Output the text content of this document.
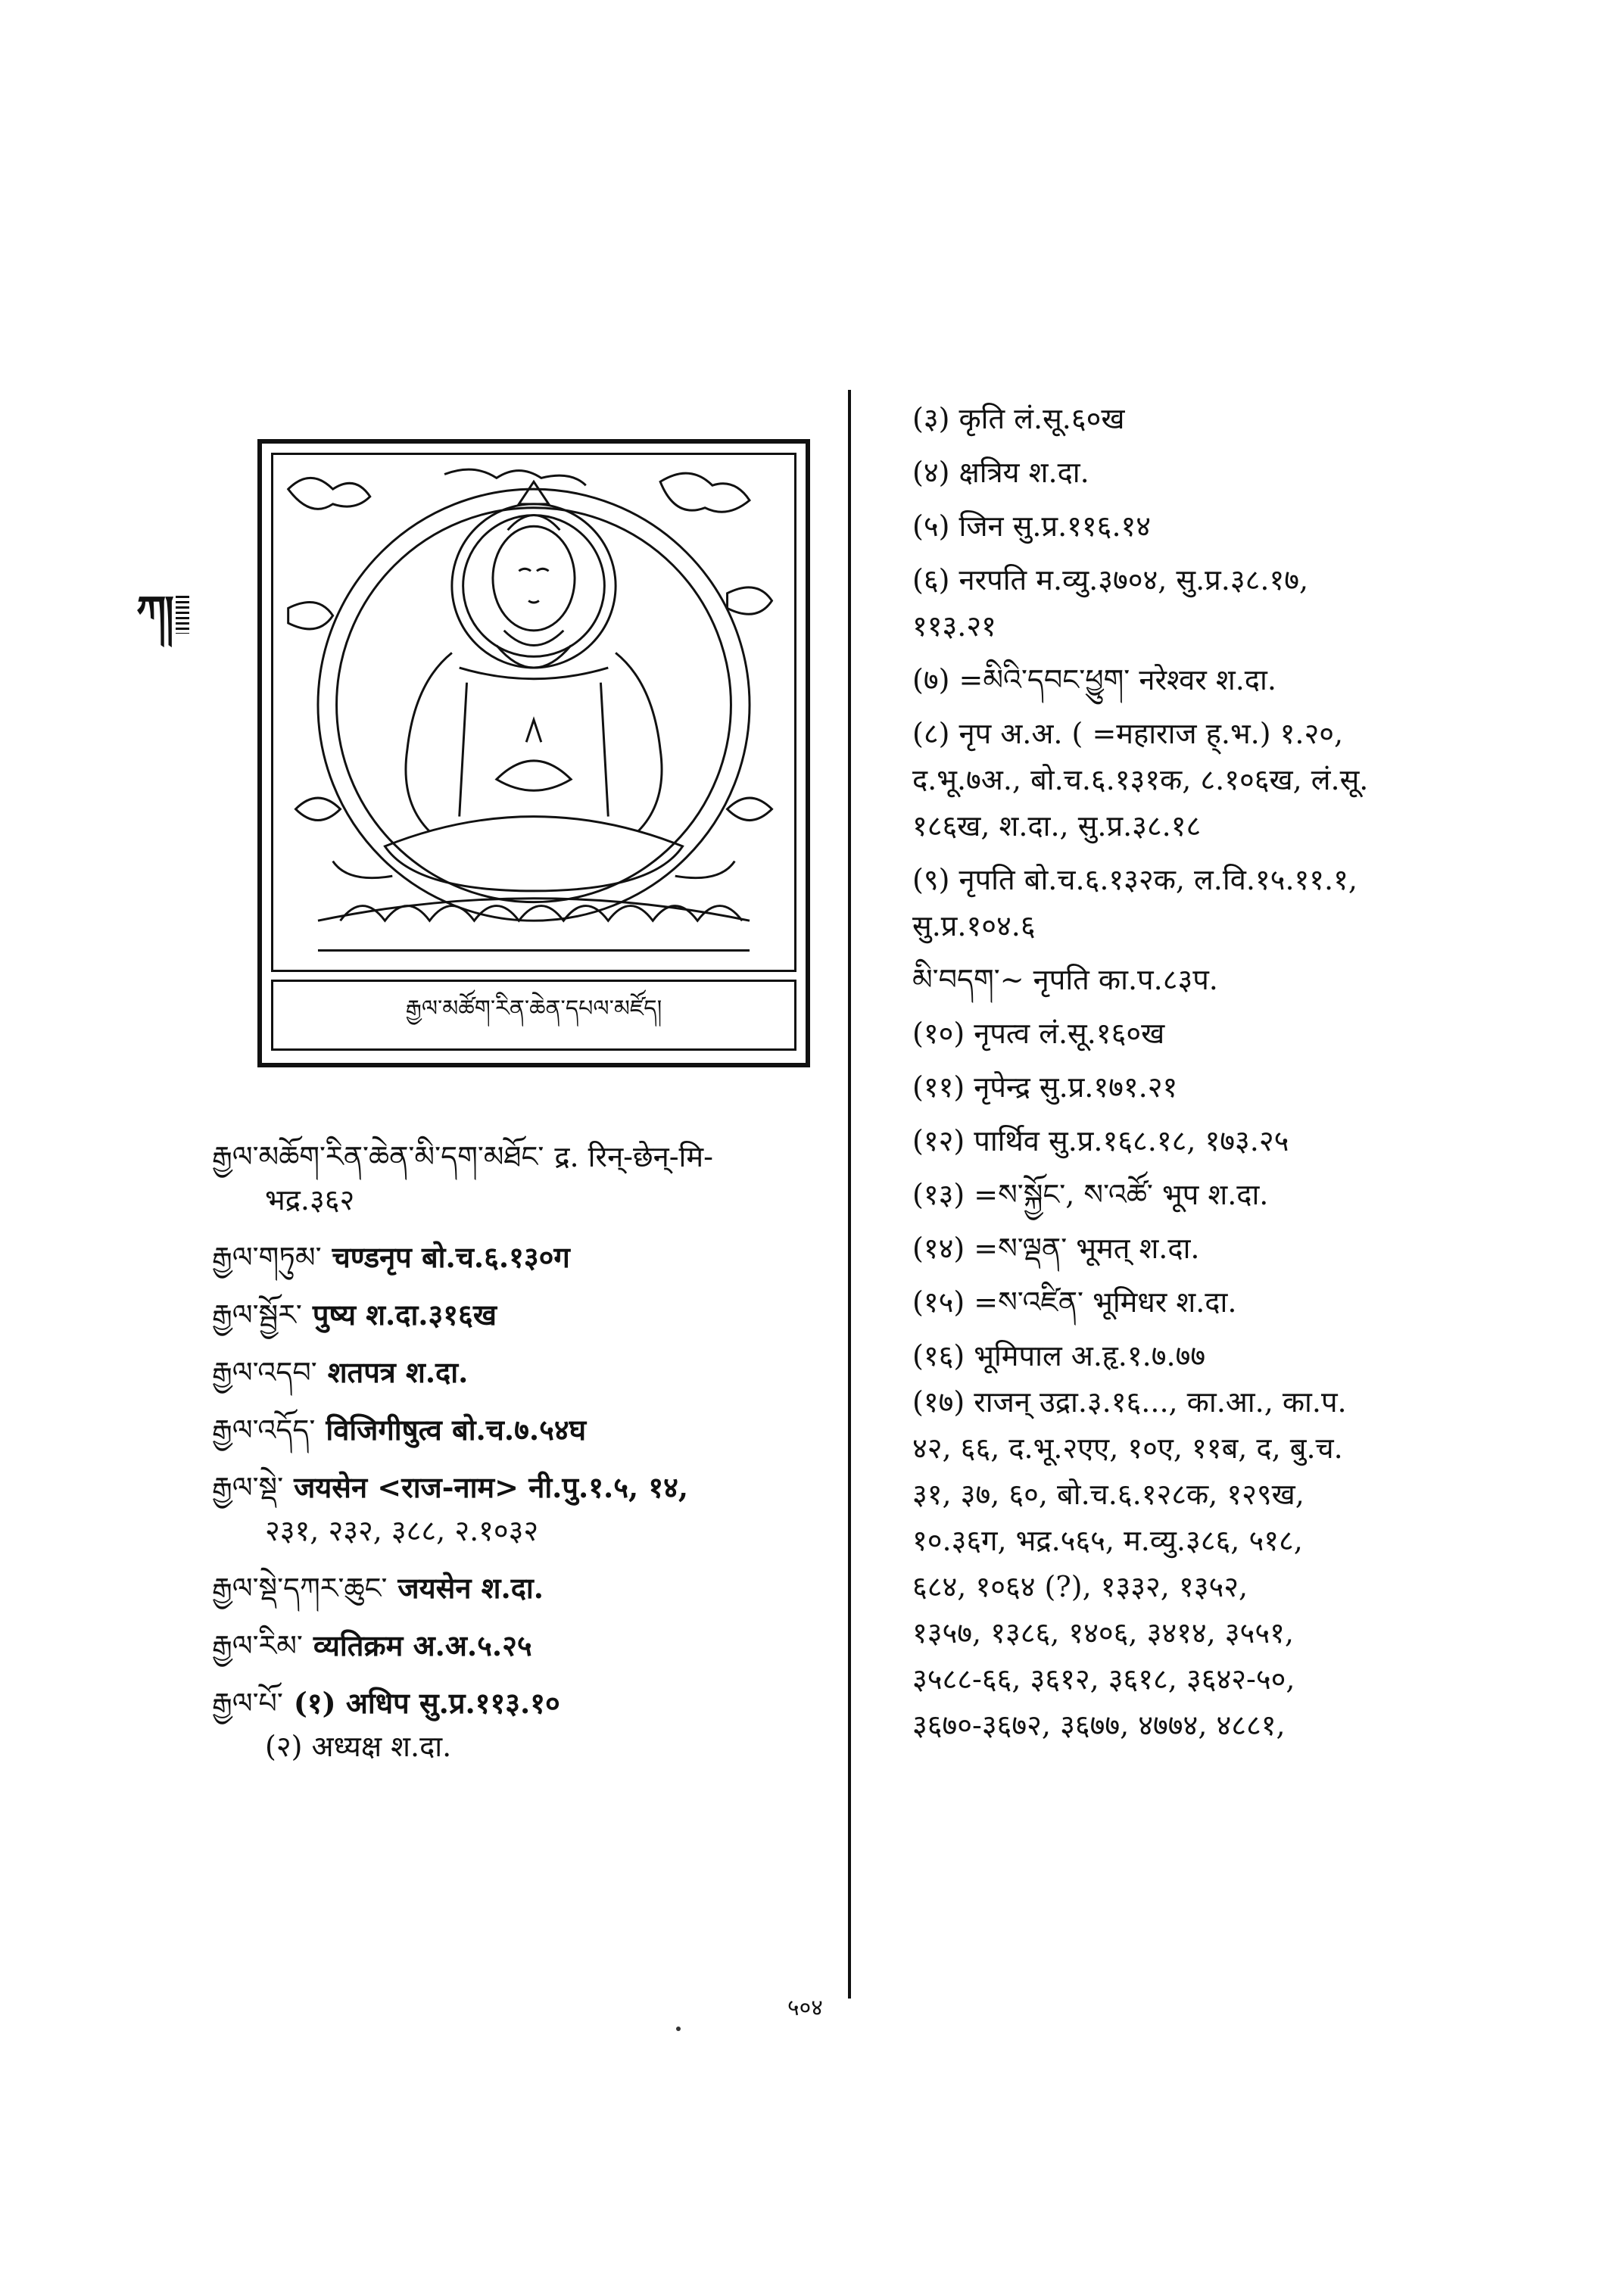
ཀ།
རྒྱལ་མཚོག་རིན་ཆེན་དཔལ་མཛོད།
རྒྱལ་མཆོག་རིན་ཆེན་མི་དག་མཐོང་ द्र. रिन्-छेन्-मि-
भद्र.३६२
རྒྱལ་གཏུམ་ चण्डनृप बो.च.६.१३०ग
རྒྱལ་སྦྱོར་ पुष्य श.दा.३१६ख
རྒྱལ་འདབ་ शतपत्र श.दा.
རྒྱལ་འདོད་ विजिगीषुत्व बो.च.७.५४घ
རྒྱལ་སྡེ་ जयसेन <राज-नाम> नी.पु.१.५, १४,
२३१, २३२, ३८८, २.१०३२
རྒྱལ་སྡེ་དཀར་ཆུང་ जयसेन श.दा.
རྒྱལ་རིམ་ व्यतिक्रम अ.अ.५.२५
རྒྱལ་པོ་ (१) अधिप सु.प्र.११३.१०
(२) अध्यक्ष श.दा.
(३) कृति लं.सू.६०ख
(४) क्षत्रिय श.दा.
(५) जिन सु.प्र.११६.१४
(६) नरपति म.व्यु.३७०४, सु.प्र.३८.१७,
११३.२१
(७) =མིའི་དབང་ཕྱུག་ नरेश्वर श.दा.
(८) नृप अ.अ. ( =महाराज ह्.भ.) १.२०,
द.भू.७अ., बो.च.६.१३१क, ८.१०६ख, लं.सू.
१८६ख, श.दा., सु.प्र.३८.१८
(९) नृपति बो.च.६.१३२क, ल.वि.१५.११.१,
सु.प्र.१०४.६
མི་བདག་~ नृपति का.प.८३प.
(१०) नृपत्व लं.सू.१६०ख
(११) नृपेन्द्र सु.प्र.१७१.२१
(१२) पार्थिव सु.प्र.१६८.१८, १७३.२५
(१३) =ས་སྐྱོང་, ས་འཚོ་ भूप श.दा.
(१४) =ས་ལྡན་ भूमत् श.दा.
(१५) =ས་འཛིན་ भूमिधर श.दा.
(१६) भूमिपाल अ.हृ.१.७.७७
(१७) राजन् उद्रा.३.१६..., का.आ., का.प.
४२, ६६, द.भू.२एए, १०ए, ११ब, द, बु.च.
३१, ३७, ६०, बो.च.६.१२८क, १२९ख,
१०.३६ग, भद्र.५६५, म.व्यु.३८६, ५१८,
६८४, १०६४ (?), १३३२, १३५२,
१३५७, १३८६, १४०६, ३४१४, ३५५१,
३५८८-६६, ३६१२, ३६१८, ३६४२-५०,
३६७०-३६७२, ३६७७, ४७७४, ४८८१,
५०४
